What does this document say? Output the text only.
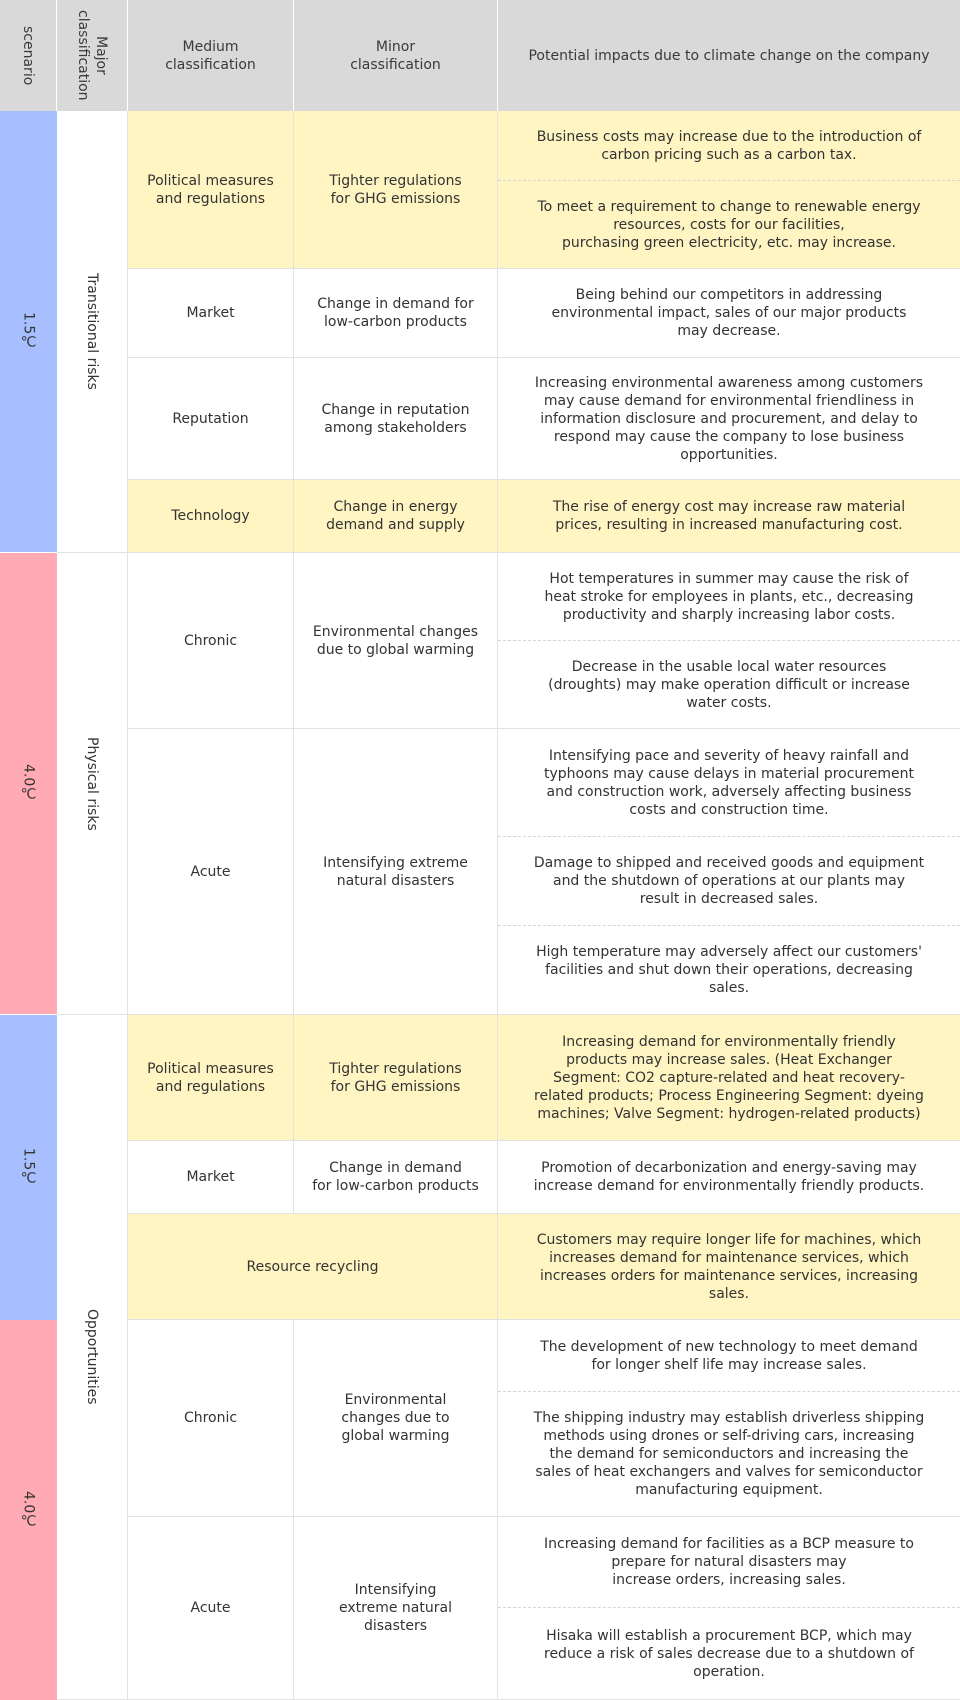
scenario	Major
classification	Medium
classification
Minor
classification
Potential impacts due to climate change on the company
1.5℃
4.0℃
1.5℃
4.0℃
Transitional risks
Physical risks
Opportunities
Political measures
and regulations
Tighter regulations
for GHG emissions
Business costs may increase due to the introduction of
carbon pricing such as a carbon tax.
To meet a requirement to change to renewable energy
resources, costs for our facilities,
purchasing green electricity, etc. may increase.
Market
Change in demand for
low-carbon products
Being behind our competitors in addressing
environmental impact, sales of our major products
may decrease.
Reputation
Change in reputation
among stakeholders
Increasing environmental awareness among customers
may cause demand for environmental friendliness in
information disclosure and procurement, and delay to
respond may cause the company to lose business
opportunities.
Technology
Change in energy
demand and supply
The rise of energy cost may increase raw material
prices, resulting in increased manufacturing cost.
Chronic
Environmental changes
due to global warming
Hot temperatures in summer may cause the risk of
heat stroke for employees in plants, etc., decreasing
productivity and sharply increasing labor costs.
Decrease in the usable local water resources
(droughts) may make operation difficult or increase
water costs.
Acute
Intensifying extreme
natural disasters
Intensifying pace and severity of heavy rainfall and
typhoons may cause delays in material procurement
and construction work, adversely affecting business
costs and construction time.
Damage to shipped and received goods and equipment
and the shutdown of operations at our plants may
result in decreased sales.
High temperature may adversely affect our customers'
facilities and shut down their operations, decreasing
sales.
Political measures
and regulations
Tighter regulations
for GHG emissions
Increasing demand for environmentally friendly
products may increase sales. (Heat Exchanger
Segment: CO2 capture-related and heat recovery-
related products; Process Engineering Segment: dyeing
machines; Valve Segment: hydrogen-related products)
Market
Change in demand
for low-carbon products
Promotion of decarbonization and energy-saving may
increase demand for environmentally friendly products.
Resource recycling
Customers may require longer life for machines, which
increases demand for maintenance services, which
increases orders for maintenance services, increasing
sales.
Chronic
Environmental
changes due to
global warming
The development of new technology to meet demand
for longer shelf life may increase sales.
The shipping industry may establish driverless shipping
methods using drones or self-driving cars, increasing
the demand for semiconductors and increasing the
sales of heat exchangers and valves for semiconductor
manufacturing equipment.
Acute
Intensifying
extreme natural
disasters
Increasing demand for facilities as a BCP measure to
prepare for natural disasters may
increase orders, increasing sales.
Hisaka will establish a procurement BCP, which may
reduce a risk of sales decrease due to a shutdown of
operation.
